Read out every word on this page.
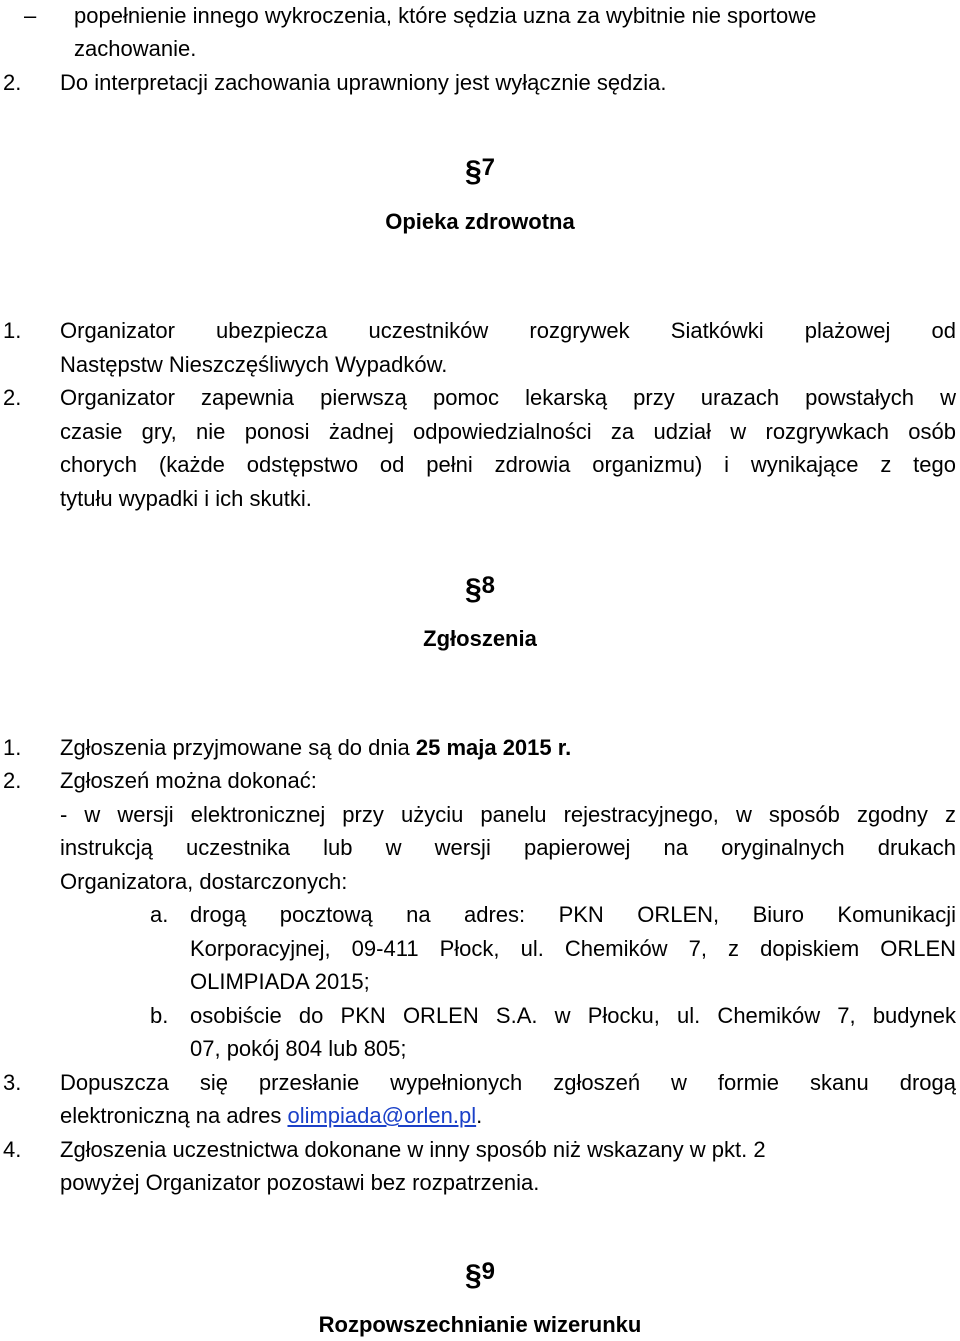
– popełnienie innego wykroczenia, które sędzia uzna za wybitnie nie sportowe
zachowanie.
2. Do interpretacji zachowania uprawniony jest wyłącznie sędzia.
§7
Opieka zdrowotna
1. Organizator ubezpiecza uczestników rozgrywek Siatkówki plażowej od
Następstw Nieszczęśliwych Wypadków.
2. Organizator zapewnia pierwszą pomoc lekarską przy urazach powstałych w
czasie gry, nie ponosi żadnej odpowiedzialności za udział w rozgrywkach osób
chorych (każde odstępstwo od pełni zdrowia organizmu) i wynikające z tego
tytułu wypadki i ich skutki.
§8
Zgłoszenia
1. Zgłoszenia przyjmowane są do dnia 25 maja 2015 r.
2. Zgłoszeń można dokonać:
- w wersji elektronicznej przy użyciu panelu rejestracyjnego, w sposób zgodny z
instrukcją uczestnika lub w wersji papierowej na oryginalnych drukach
Organizatora, dostarczonych:
a. drogą pocztową na adres: PKN ORLEN, Biuro Komunikacji
Korporacyjnej, 09-411 Płock, ul. Chemików 7, z dopiskiem ORLEN
OLIMPIADA 2015;
b. osobiście do PKN ORLEN S.A. w Płocku, ul. Chemików 7, budynek
07, pokój 804 lub 805;
3. Dopuszcza się przesłanie wypełnionych zgłoszeń w formie skanu drogą
elektroniczną na adres olimpiada@orlen.pl.
4. Zgłoszenia uczestnictwa dokonane w inny sposób niż wskazany w pkt. 2
powyżej Organizator pozostawi bez rozpatrzenia.
§9
Rozpowszechnianie wizerunku
